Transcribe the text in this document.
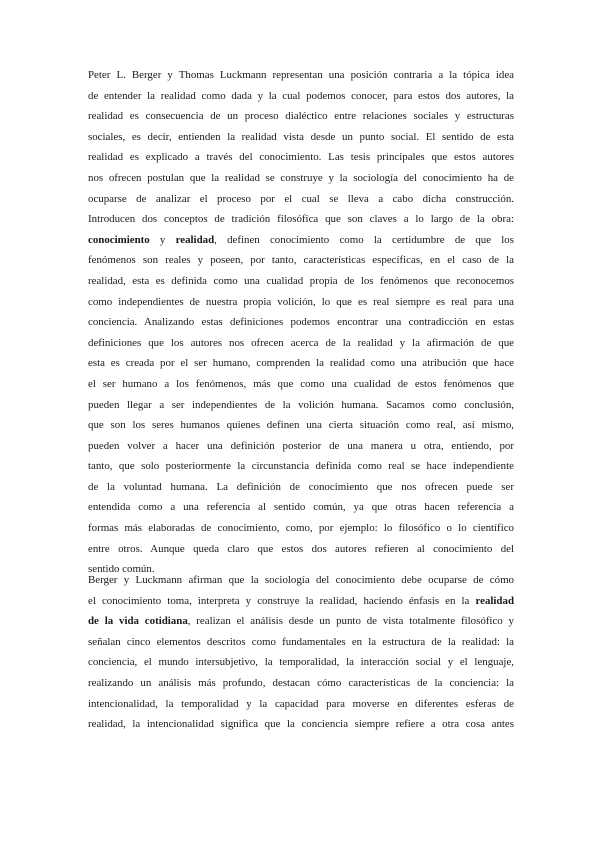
Peter L. Berger y Thomas Luckmann representan una posición contraria a la tópica idea
de entender la realidad como dada y la cual podemos conocer, para estos dos autores, la
realidad es consecuencia de un proceso dialéctico entre relaciones sociales y estructuras
sociales, es decir, entienden la realidad vista desde un punto social. El sentido de esta
realidad es explicado a través del conocimiento. Las tesis principales que estos autores
nos ofrecen postulan que la realidad se construye y la sociología del conocimiento ha de
ocuparse de analizar el proceso por el cual se lleva a cabo dicha construcción.
Introducen dos conceptos de tradición filosófica que son claves a lo largo de la obra:
conocimiento y realidad, definen conocimiento como la certidumbre de que los
fenómenos son reales y poseen, por tanto, características específicas, en el caso de la
realidad, esta es definida como una cualidad propia de los fenómenos que reconocemos
como independientes de nuestra propia volición, lo que es real siempre es real para una
conciencia. Analizando estas definiciones podemos encontrar una contradicción en estas
definiciones que los autores nos ofrecen acerca de la realidad y la afirmación de que
esta es creada por el ser humano, comprenden la realidad como una atribución que hace
el ser humano a los fenómenos, más que como una cualidad de estos fenómenos que
pueden llegar a ser independientes de la volición humana. Sacamos como conclusión,
que son los seres humanos quienes definen una cierta situación como real, así mismo,
pueden volver a hacer una definición posterior de una manera u otra, entiendo, por
tanto, que solo posteriormente la circunstancia definida como real se hace independiente
de la voluntad humana. La definición de conocimiento que nos ofrecen puede ser
entendida como a una referencia al sentido común, ya que otras hacen referencia a
formas más elaboradas de conocimiento, como, por ejemplo: lo filosófico o lo científico
entre otros. Aunque queda claro que estos dos autores refieren al conocimiento del
sentido común.
Berger y Luckmann afirman que la sociología del conocimiento debe ocuparse de cómo
el conocimiento toma, interpreta y construye la realidad, haciendo énfasis en la realidad
de la vida cotidiana, realizan el análisis desde un punto de vista totalmente filosófico y
señalan cinco elementos descritos como fundamentales en la estructura de la realidad: la
conciencia, el mundo intersubjetivo, la temporalidad, la interacción social y el lenguaje,
realizando un análisis más profundo, destacan cómo características de la conciencia: la
intencionalidad, la temporalidad y la capacidad para moverse en diferentes esferas de
realidad, la intencionalidad significa que la conciencia siempre refiere a otra cosa antes
